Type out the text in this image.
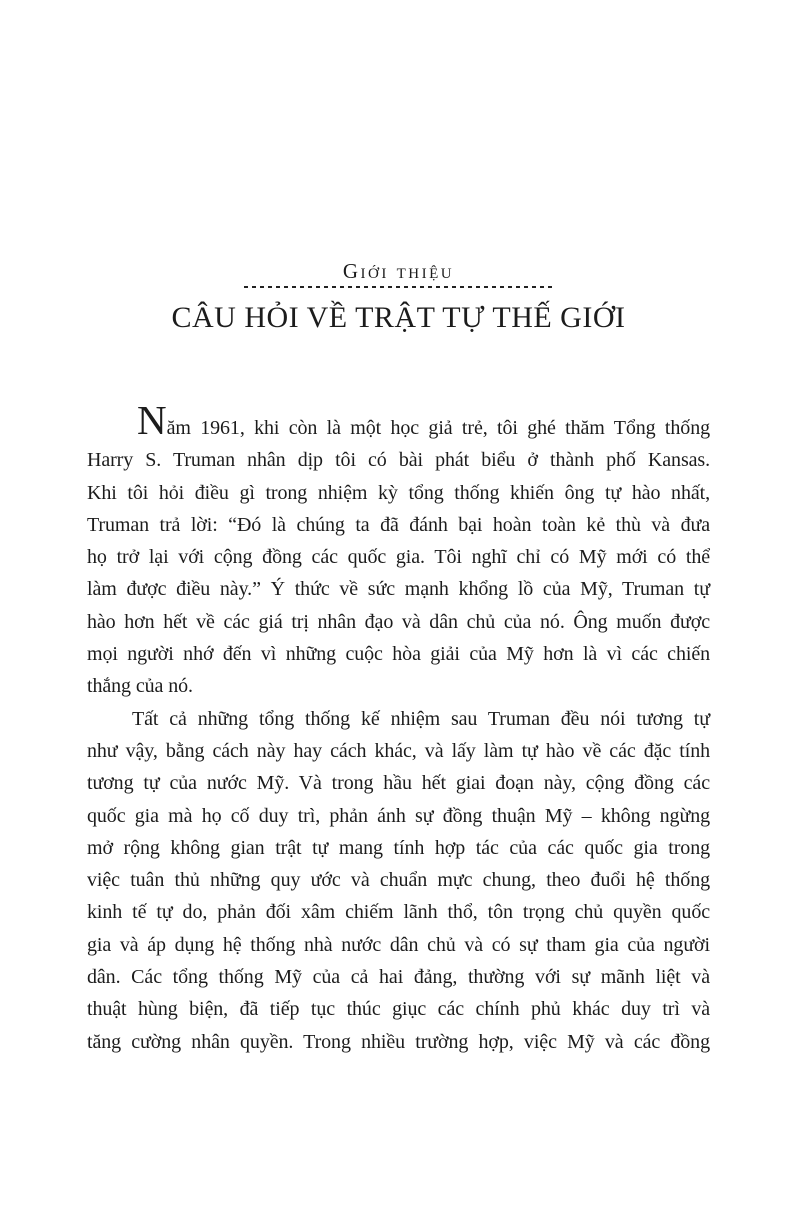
Giới thiệu
CÂU HỎI VỀ TRẬT TỰ THẾ GIỚI
Năm 1961, khi còn là một học giả trẻ, tôi ghé thăm Tổng thống
Harry S. Truman nhân dịp tôi có bài phát biểu ở thành phố Kansas.
Khi tôi hỏi điều gì trong nhiệm kỳ tổng thống khiến ông tự hào nhất,
Truman trả lời: “Đó là chúng ta đã đánh bại hoàn toàn kẻ thù và đưa
họ trở lại với cộng đồng các quốc gia. Tôi nghĩ chỉ có Mỹ mới có thể
làm được điều này.” Ý thức về sức mạnh khổng lồ của Mỹ, Truman tự
hào hơn hết về các giá trị nhân đạo và dân chủ của nó. Ông muốn được
mọi người nhớ đến vì những cuộc hòa giải của Mỹ hơn là vì các chiến
thắng của nó.
Tất cả những tổng thống kế nhiệm sau Truman đều nói tương tự
như vậy, bằng cách này hay cách khác, và lấy làm tự hào về các đặc tính
tương tự của nước Mỹ. Và trong hầu hết giai đoạn này, cộng đồng các
quốc gia mà họ cố duy trì, phản ánh sự đồng thuận Mỹ – không ngừng
mở rộng không gian trật tự mang tính hợp tác của các quốc gia trong
việc tuân thủ những quy ước và chuẩn mực chung, theo đuổi hệ thống
kinh tế tự do, phản đối xâm chiếm lãnh thổ, tôn trọng chủ quyền quốc
gia và áp dụng hệ thống nhà nước dân chủ và có sự tham gia của người
dân. Các tổng thống Mỹ của cả hai đảng, thường với sự mãnh liệt và
thuật hùng biện, đã tiếp tục thúc giục các chính phủ khác duy trì và
tăng cường nhân quyền. Trong nhiều trường hợp, việc Mỹ và các đồng
